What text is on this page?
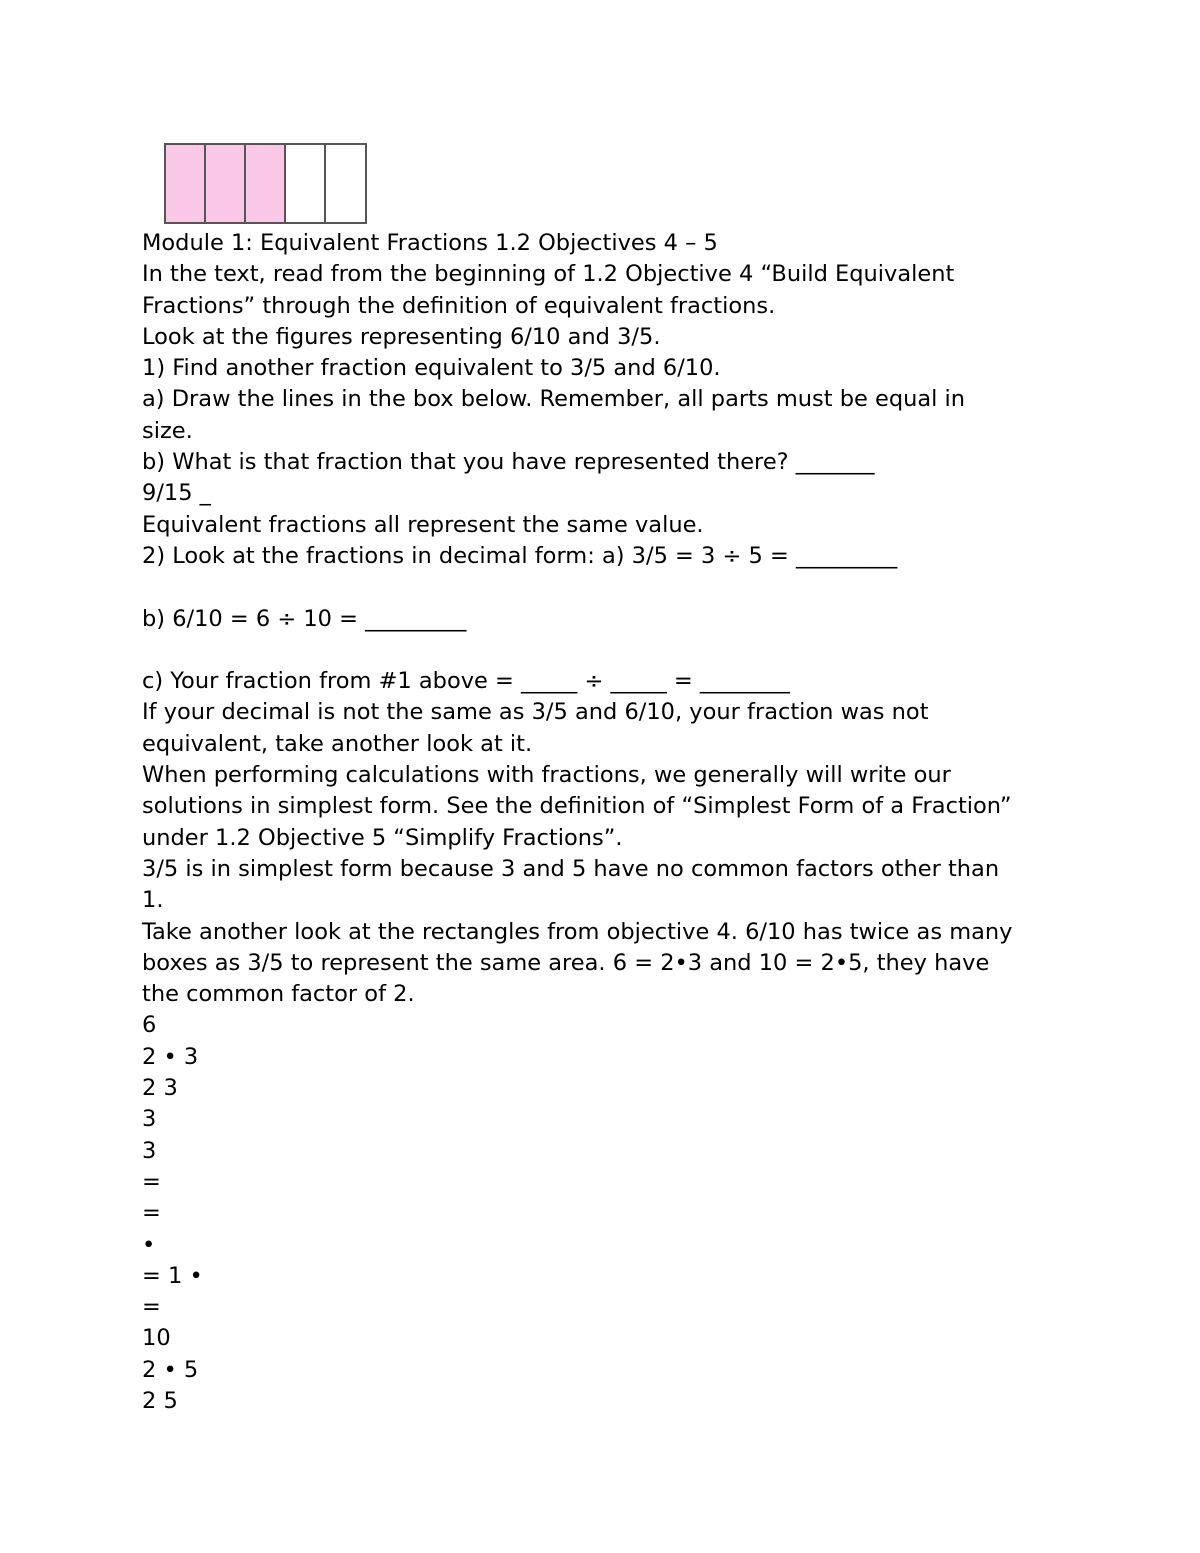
Module 1: Equivalent Fractions 1.2 Objectives 4 – 5

In the text, read from the beginning of 1.2 Objective 4 “Build Equivalent

Fractions” through the definition of equivalent fractions.

Look at the figures representing 6/10 and 3/5.

1) Find another fraction equivalent to 3/5 and 6/10.

a) Draw the lines in the box below. Remember, all parts must be equal in

size.

b) What is that fraction that you have represented there? _______

9/15 _

Equivalent fractions all represent the same value.

2) Look at the fractions in decimal form: a) 3/5 = 3 ÷ 5 = _________

b) 6/10 = 6 ÷ 10 = _________

c) Your fraction from #1 above = _____ ÷ _____ = ________

If your decimal is not the same as 3/5 and 6/10, your fraction was not

equivalent, take another look at it.

When performing calculations with fractions, we generally will write our

solutions in simplest form. See the definition of “Simplest Form of a Fraction”

under 1.2 Objective 5 “Simplify Fractions”.

3/5 is in simplest form because 3 and 5 have no common factors other than

1.

Take another look at the rectangles from objective 4. 6/10 has twice as many

boxes as 3/5 to represent the same area. 6 = 2•3 and 10 = 2•5, they have

the common factor of 2.

6

2 • 3

2 3

3

3

=

=

•

= 1 •

=

10

2 • 5

2 5
